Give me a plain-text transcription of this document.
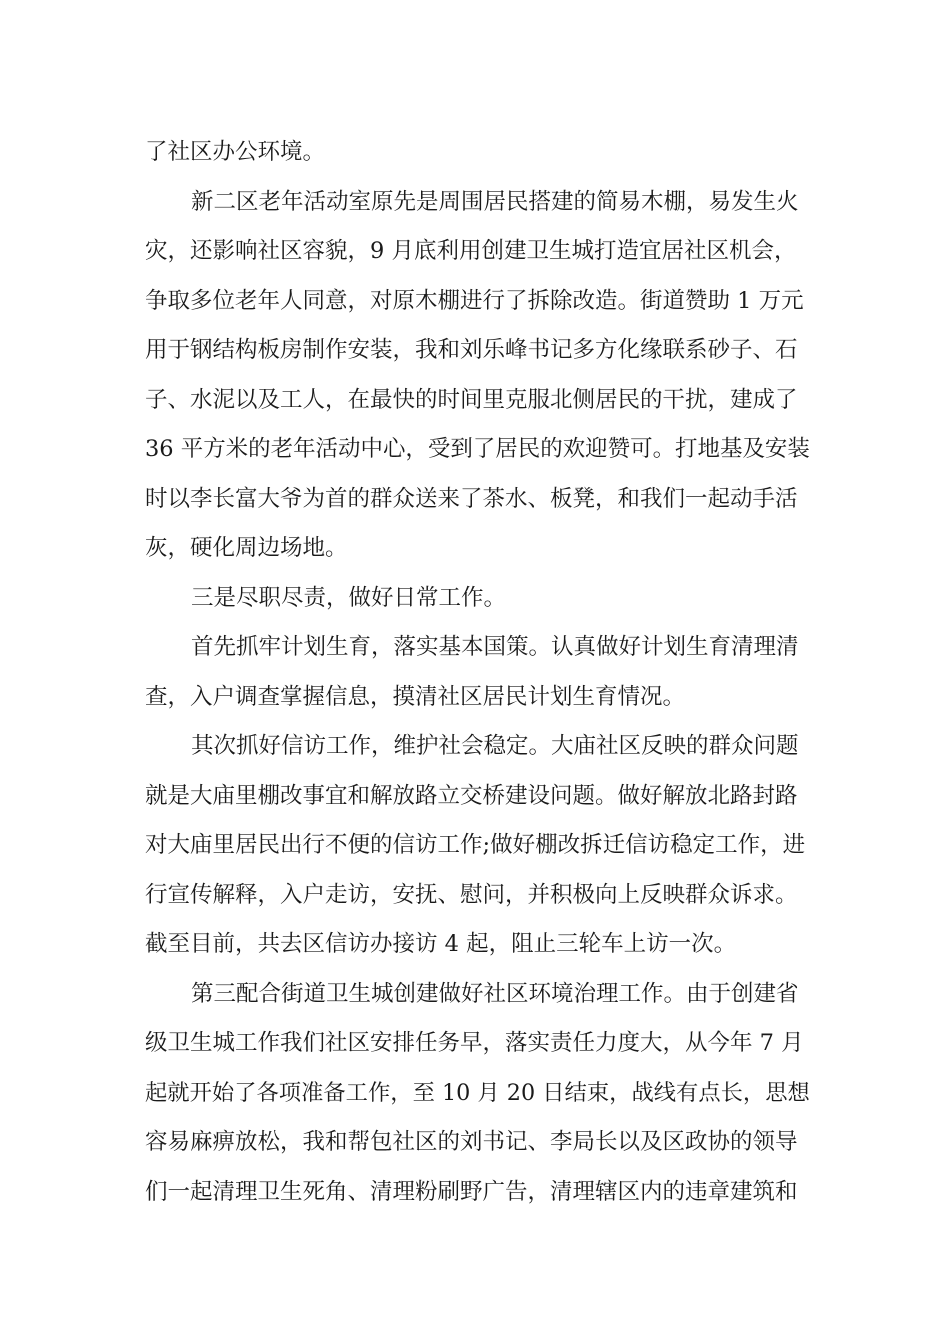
了社区办公环境。
新二区老年活动室原先是周围居民搭建的简易木棚，易发生火
灾，还影响社区容貌，9 月底利用创建卫生城打造宜居社区机会，
争取多位老年人同意，对原木棚进行了拆除改造。街道赞助 1 万元
用于钢结构板房制作安装，我和刘乐峰书记多方化缘联系砂子、石
子、水泥以及工人，在最快的时间里克服北侧居民的干扰，建成了
36 平方米的老年活动中心，受到了居民的欢迎赞可。打地基及安装
时以李长富大爷为首的群众送来了茶水、板凳，和我们一起动手活
灰，硬化周边场地。
三是尽职尽责，做好日常工作。
首先抓牢计划生育，落实基本国策。认真做好计划生育清理清
查，入户调查掌握信息，摸清社区居民计划生育情况。
其次抓好信访工作，维护社会稳定。大庙社区反映的群众问题
就是大庙里棚改事宜和解放路立交桥建设问题。做好解放北路封路
对大庙里居民出行不便的信访工作;做好棚改拆迁信访稳定工作，进
行宣传解释，入户走访，安抚、慰问，并积极向上反映群众诉求。
截至目前，共去区信访办接访 4 起，阻止三轮车上访一次。
第三配合街道卫生城创建做好社区环境治理工作。由于创建省
级卫生城工作我们社区安排任务早，落实责任力度大，从今年 7 月
起就开始了各项准备工作，至 10 月 20 日结束，战线有点长，思想
容易麻痹放松，我和帮包社区的刘书记、李局长以及区政协的领导
们一起清理卫生死角、清理粉刷野广告，清理辖区内的违章建筑和
